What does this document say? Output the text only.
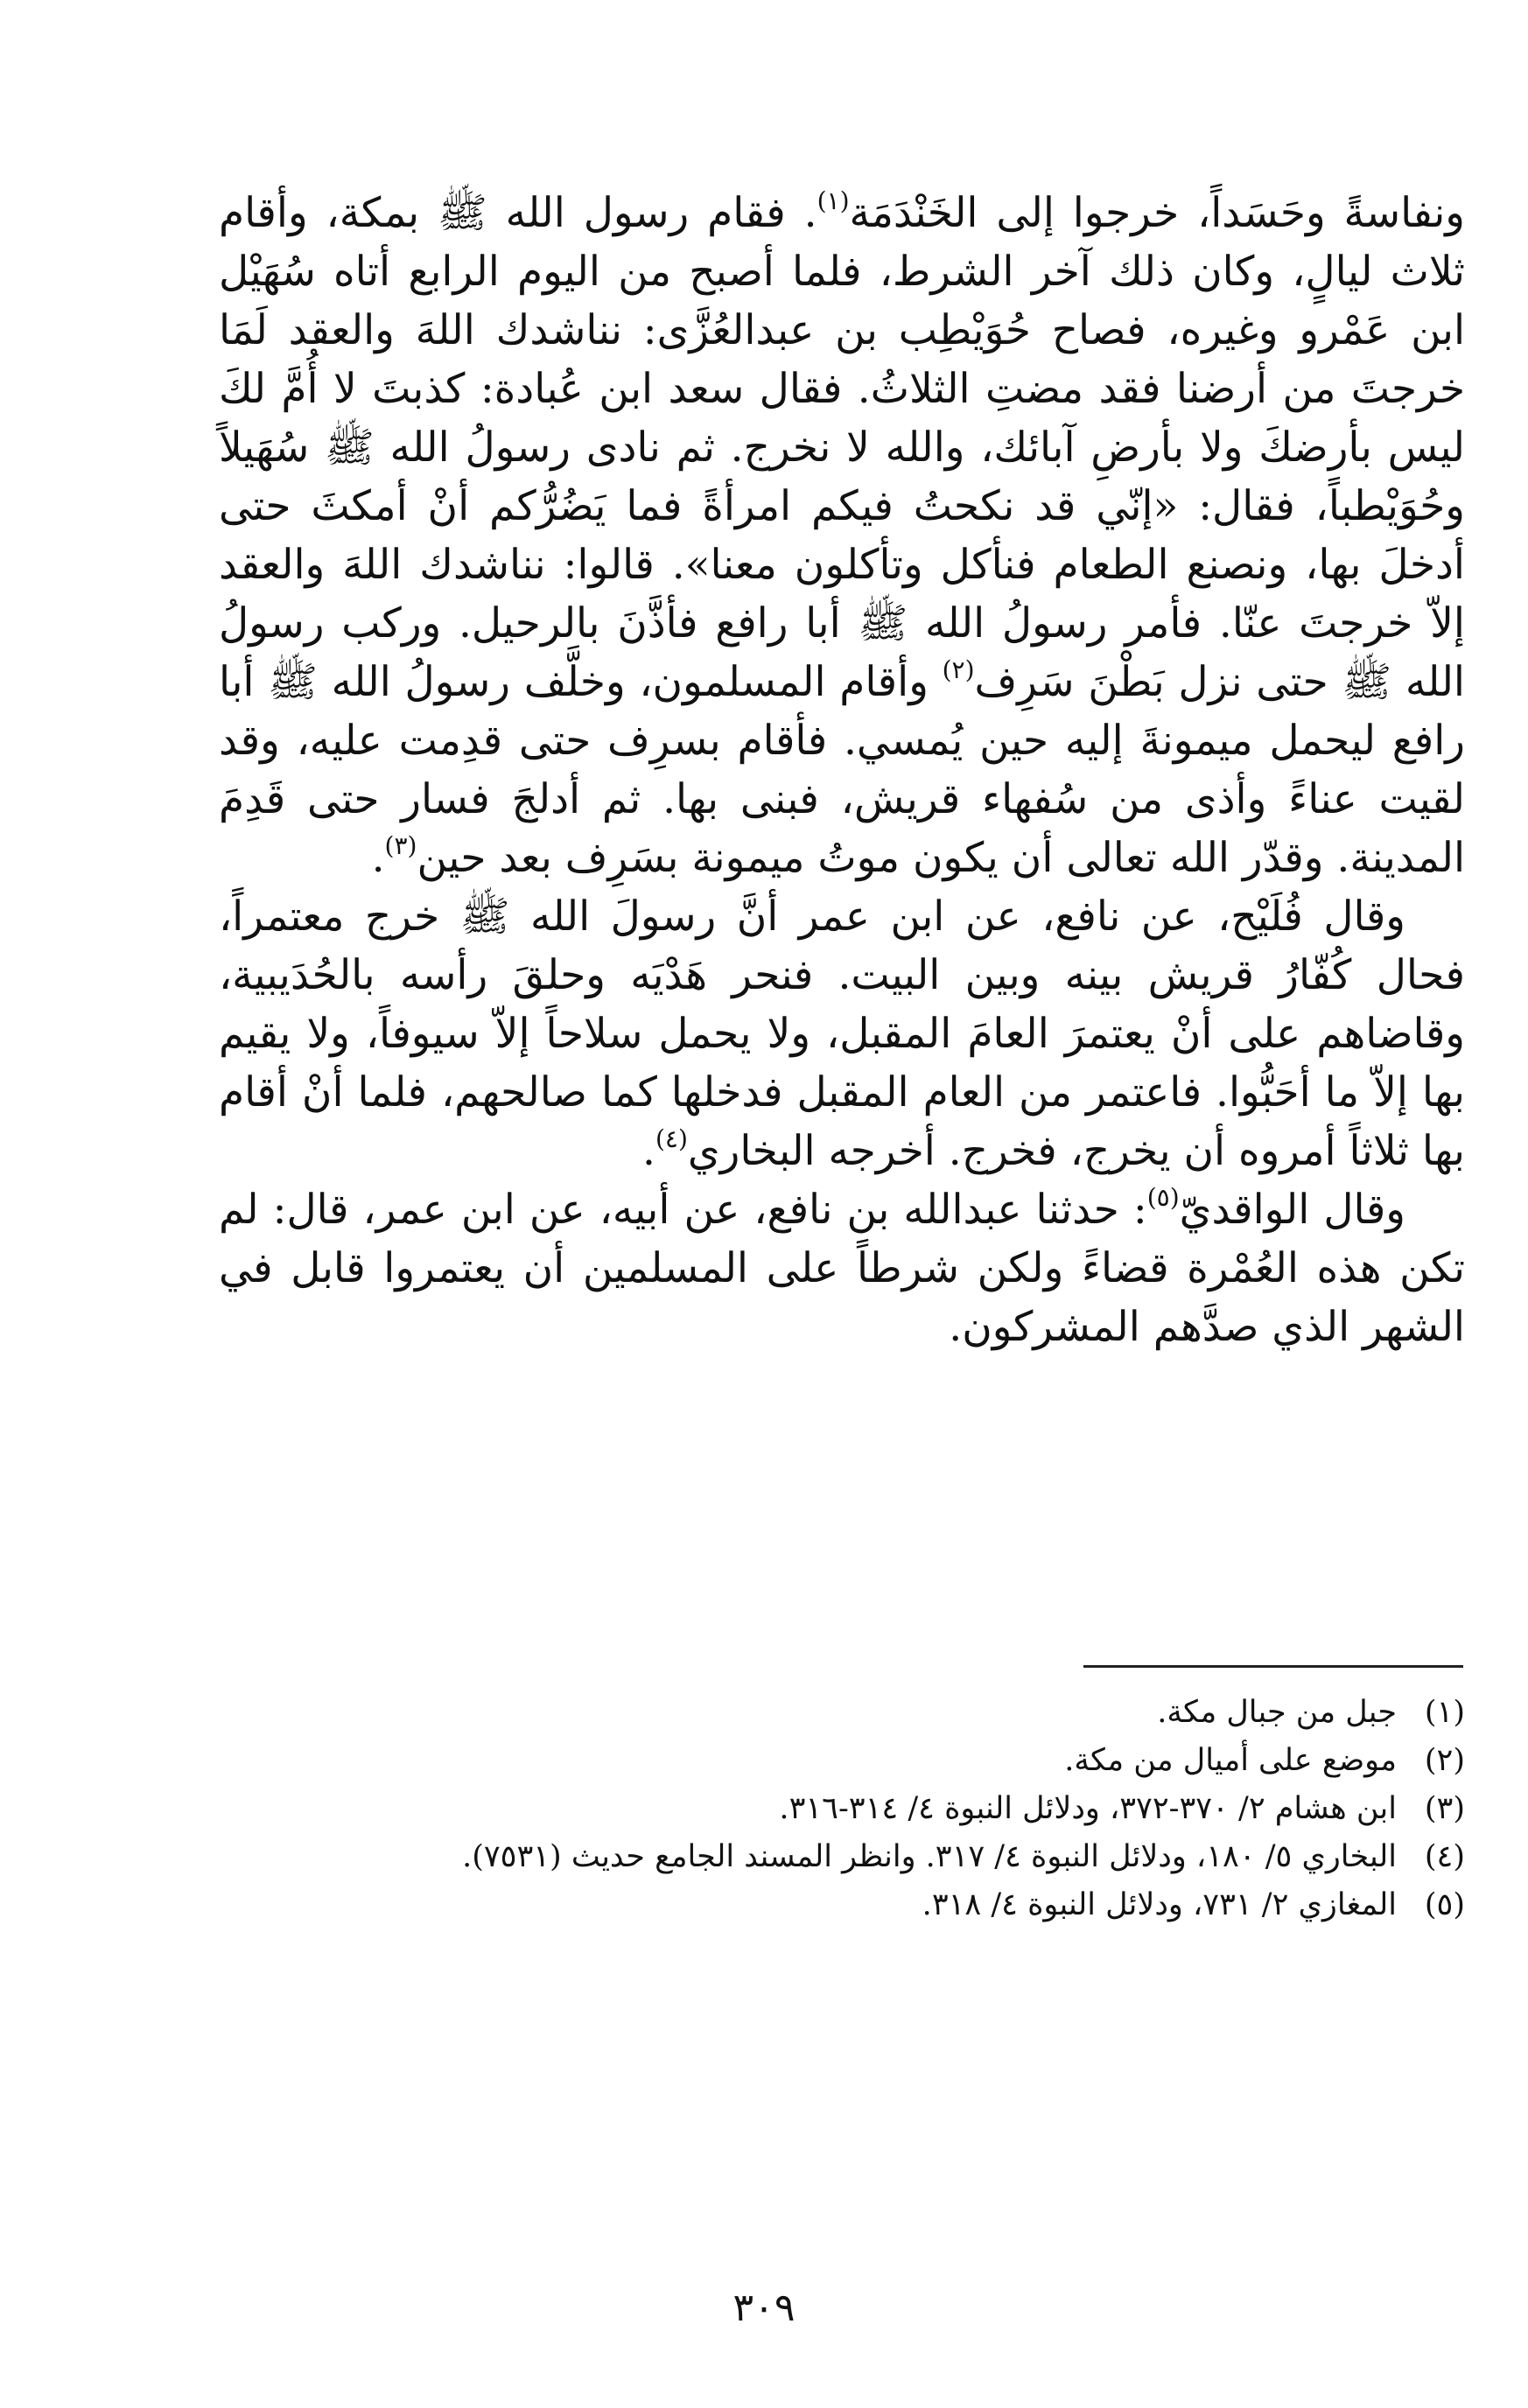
ونفاسةً وحَسَداً، خرجوا إلى الخَنْدَمَة$^{(١)}$. فقام رسول الله ﷺ بمكة، وأقام ثلاث ليالٍ، وكان ذلك آخر الشرط، فلما أصبح من اليوم الرابع أتاه سُهَيْل ابن عَمْرو وغيره، فصاح حُوَيْطِب بن عبدالعُزَّى: نناشدك اللهَ والعقد لَمَا خرجتَ من أرضنا فقد مضتِ الثلاثُ. فقال سعد ابن عُبادة: كذبتَ لا أُمَّ لكَ ليس بأرضكَ ولا بأرضِ آبائك، والله لا نخرج. ثم نادى رسولُ الله ﷺ سُهَيلاً وحُوَيْطباً، فقال: «إنّي قد نكحتُ فيكم امرأةً فما يَضُرُّكم أنْ أمكثَ حتى أدخلَ بها، ونصنع الطعام فنأكل وتأكلون معنا». قالوا: نناشدك اللهَ والعقد إلاّ خرجتَ عنّا. فأمر رسولُ الله ﷺ أبا رافع فأذَّنَ بالرحيل. وركب رسولُ الله ﷺ حتى نزل بَطْنَ سَرِف$^{(٢)}$ وأقام المسلمون، وخلَّف رسولُ الله ﷺ أبا رافع ليحمل ميمونةَ إليه حين يُمسي. فأقام بسرِف حتى قدِمت عليه، وقد لقيت عناءً وأذى من سُفهاء قريش، فبنى بها. ثم أدلجَ فسار حتى قَدِمَ المدينة. وقدّر الله تعالى أن يكون موتُ ميمونة بسَرِف بعد حين$^{(٣)}$.

وقال فُلَيْح، عن نافع، عن ابن عمر أنَّ رسولَ الله ﷺ خرج معتمراً، فحال كُفّارُ قريش بينه وبين البيت. فنحر هَدْيَه وحلقَ رأسه بالحُدَيبية، وقاضاهم على أنْ يعتمرَ العامَ المقبل، ولا يحمل سلاحاً إلاّ سيوفاً، ولا يقيم بها إلاّ ما أحَبُّوا. فاعتمر من العام المقبل فدخلها كما صالحهم، فلما أنْ أقام بها ثلاثاً أمروه أن يخرج، فخرج. أخرجه البخاري$^{(٤)}$.

وقال الواقديّ$^{(٥)}$: حدثنا عبدالله بن نافع، عن أبيه، عن ابن عمر، قال: لم تكن هذه العُمْرة قضاءً ولكن شرطاً على المسلمين أن يعتمروا قابل في الشهر الذي صدَّهم المشركون.

(١)
جبل من جبال مكة.
(٢)
موضع على أميال من مكة.
(٣)
ابن هشام ٢/ ٣٧٠-٣٧٢، ودلائل النبوة ٤/ ٣١٤-٣١٦.
(٤)
البخاري ٥/ ١٨٠، ودلائل النبوة ٤/ ٣١٧. وانظر المسند الجامع حديث (٧٥٣١).
(٥)
المغازي ٢/ ٧٣١، ودلائل النبوة ٤/ ٣١٨.
٣٠٩
